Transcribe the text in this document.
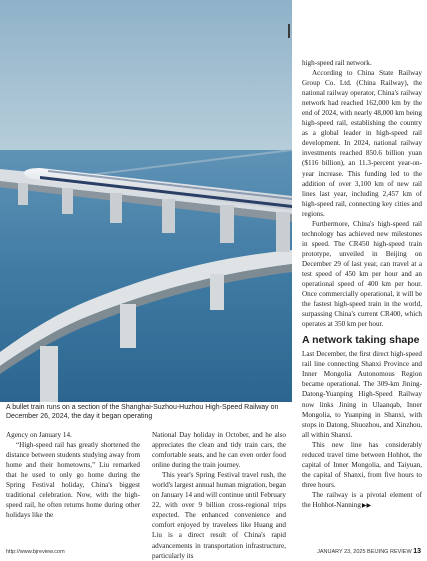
A bullet train runs on a section of the Shanghai-Suzhou-Huzhou High-Speed Railway on December 26, 2024, the day it began operating

high-speed rail network.

According to China State Railway Group Co. Ltd. (China Railway), the national railway operator, China's railway network had reached 162,000 km by the end of 2024, with nearly 48,000 km being high-speed rail, establishing the country as a global leader in high-speed rail development. In 2024, national railway investments reached 850.6 billion yuan ($116 billion), an 11.3-percent year-on-year increase. This funding led to the addition of over 3,100 km of new rail lines last year, including 2,457 km of high-speed rail, connecting key cities and regions.

Furthermore, China's high-speed rail technology has achieved new milestones in speed. The CR450 high-speed train prototype, unveiled in Beijing on December 29 of last year, can travel at a test speed of 450 km per hour and an operational speed of 400 km per hour. Once commercially operational, it will be the fastest high-speed train in the world, surpassing China's current CR400, which operates at 350 km per hour.

A network taking shape

Last December, the first direct high-speed rail line connecting Shanxi Province and Inner Mongolia Autonomous Region became operational. The 309-km Jining-Datong-Yuanping High-Speed Railway now links Jining in Ulaanqab, Inner Mongolia, to Yuanping in Shanxi, with stops in Datong, Shuozhou, and Xinzhou, all within Shanxi.

This new line has considerably reduced travel time between Hohhot, the capital of Inner Mongolia, and Taiyuan, the capital of Shanxi, from five hours to three hours.

The railway is a pivotal element of the Hohhot-Nanning▶▶

Agency on January 14.

“High-speed rail has greatly shortened the distance between students studying away from home and their hometowns,” Liu remarked that he used to only go home during the Spring Festival holiday, China's biggest traditional celebration. Now, with the high-speed rail, he often returns home during other holidays like the

National Day holiday in October, and he also appreciates the clean and tidy train cars, the comfortable seats, and he can even order food online during the train journey.

This year's Spring Festival travel rush, the world's largest annual human migration, began on January 14 and will continue until February 22, with over 9 billion cross-regional trips expected. The enhanced convenience and comfort enjoyed by travelees like Huang and Liu is a direct result of China's rapid advancements in transportation infrastructure, particularly its

http://www.bjreview.com	JANUARY 23, 2025 BEIJING REVIEW 13
